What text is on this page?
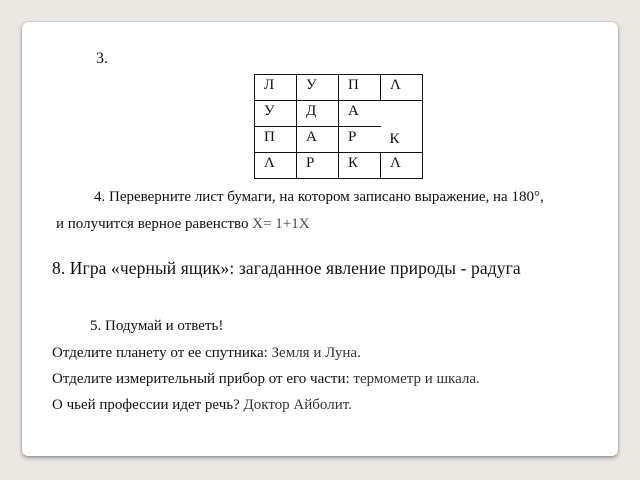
3.
Л	У	П	Λ
У	Д	А	
П	А	Р	К
Λ	Р	К	Λ
4. Переверните лист бумаги, на котором записано выражение, на 180°,
и получится верное равенство X= 1+1X
8. Игра «черный ящик»: загаданное явление природы - радуга
5. Подумай и ответь!
Отделите планету от ее спутника: Земля и Луна.
Отделите измерительный прибор от его части: термометр и шкала.
О чьей профессии идет речь? Доктор Айболит.
